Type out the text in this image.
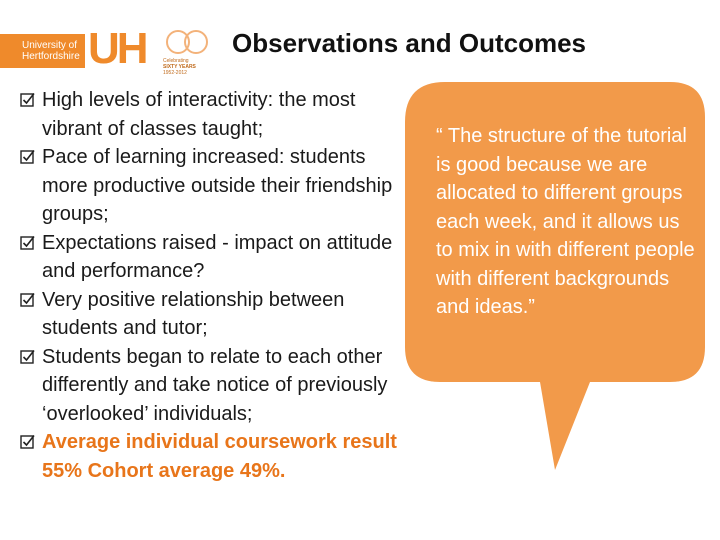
University of
Hertfordshire UH	Celebrating
SIXTY YEARS
1952-2012
Observations and Outcomes
High levels of interactivity: the most vibrant of classes taught;
Pace of learning increased: students more productive outside their friendship groups;
Expectations raised - impact on attitude and performance?
Very positive relationship between students and tutor;
Students began to relate to each other differently and take notice of previously ‘overlooked’ individuals;
Average individual coursework result 55% Cohort average 49%.
“ The structure of the tutorial is good because we are allocated to different groups each week, and it allows us to mix in with different people with different backgrounds and ideas.”
